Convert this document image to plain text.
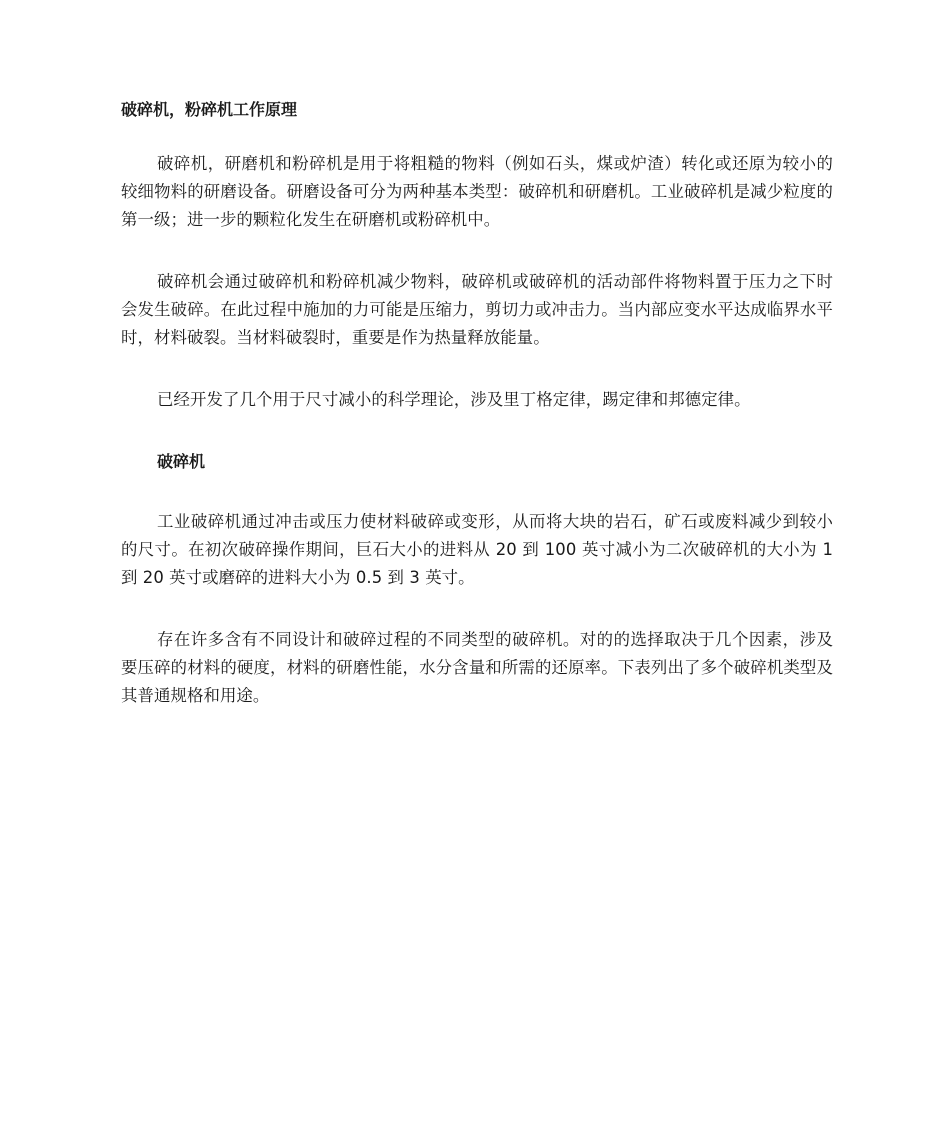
破碎机，粉碎机工作原理

破碎机，研磨机和粉碎机是用于将粗糙的物料（例如石头，煤或炉渣）转化或还原为较小的较细物料的研磨设备。研磨设备可分为两种基本类型：破碎机和研磨机。工业破碎机是减少粒度的第一级；进一步的颗粒化发生在研磨机或粉碎机中。

破碎机会通过破碎机和粉碎机减少物料，破碎机或破碎机的活动部件将物料置于压力之下时会发生破碎。在此过程中施加的力可能是压缩力，剪切力或冲击力。当内部应变水平达成临界水平时，材料破裂。当材料破裂时，重要是作为热量释放能量。

已经开发了几个用于尺寸减小的科学理论，涉及里丁格定律，踢定律和邦德定律。

破碎机

工业破碎机通过冲击或压力使材料破碎或变形，从而将大块的岩石，矿石或废料减少到较小的尺寸。在初次破碎操作期间，巨石大小的进料从 20 到 100 英寸减小为二次破碎机的大小为 1 到 20 英寸或磨碎的进料大小为 0.5 到 3 英寸。

存在许多含有不同设计和破碎过程的不同类型的破碎机。对的的选择取决于几个因素，涉及要压碎的材料的硬度，材料的研磨性能，水分含量和所需的还原率。下表列出了多个破碎机类型及其普通规格和用途。
